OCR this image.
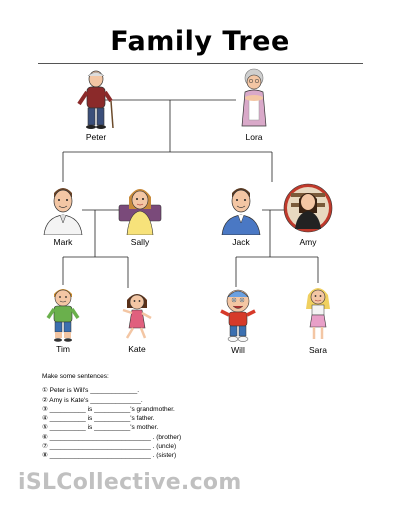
Family Tree
Peter	Lora
Mark	Sally	Jack	Amy
Tim	Kate	Will	Sara
Make some sentences:
① Peter is Will's _____________.
② Amy is Kate's ______________.
③ __________ is __________'s grandmother.
④ __________ is __________'s father.
⑤ __________ is __________'s mother.
⑥ ____________________________ . (brother)
⑦ ____________________________ . (uncle)
⑧ ____________________________ . (sister)
iSLCollective.com
